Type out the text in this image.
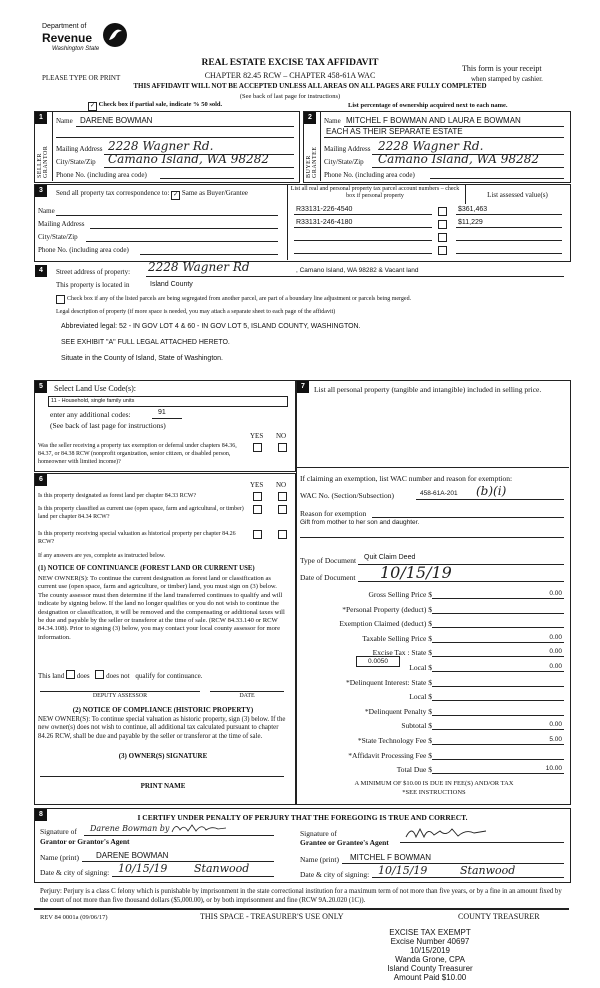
Department of
Revenue
Washington State
PLEASE TYPE OR PRINT
REAL ESTATE EXCISE TAX AFFIDAVIT
CHAPTER 82.45 RCW – CHAPTER 458-61A WAC
THIS AFFIDAVIT WILL NOT BE ACCEPTED UNLESS ALL AREAS ON ALL PAGES ARE FULLY COMPLETED
(See back of last page for instructions)
This form is your receipt
when stamped by cashier.
✓ Check box if partial sale, indicate % 50 sold.	List percentage of ownership acquired next to each name.
1
SELLER GRANTOR
Name DARENE BOWMAN
Mailing Address 2228 Wagner Rd.
City/State/Zip Camano Island, WA 98282
Phone No. (including area code)
2
BUYER GRANTEE
Name MITCHEL F BOWMAN AND LAURA E BOWMAN
EACH AS THEIR SEPARATE ESTATE
Mailing Address 2228 Wagner Rd.
City/State/Zip Camano Island, WA 98282
Phone No. (including area code)
3	Send all property tax correspondence to: ✓ Same as Buyer/Grantee
Name
Mailing Address
City/State/Zip
Phone No. (including area code)
List all real and personal property tax parcel account numbers – check box if personal property	List assessed value(s)
R33131-226-4540	$361,463
R33131-246-4180	$11,229
4	Street address of property: 2228 Wagner Rd	, Camano Island, WA 98282 & Vacant land
This property is located in	Island County
Check box if any of the listed parcels are being segregated from another parcel, are part of a boundary line adjustment or parcels being merged.
Legal description of property (if more space is needed, you may attach a separate sheet to each page of the affidavit)
Abbreviated legal: 52 - IN GOV LOT 4 & 60 - IN GOV LOT 5, ISLAND COUNTY, WASHINGTON.
SEE EXHIBIT "A" FULL LEGAL ATTACHED HERETO.
Situate in the County of Island, State of Washington.
5	Select Land Use Code(s):
11 - Household, single family units
enter any additional codes:	91
(See back of last page for instructions)
YES NO
Was the seller receiving a property tax exemption or deferral under chapters 84.36, 84.37, or 84.38 RCW (nonprofit organization, senior citizen, or disabled person, homeowner with limited income)?
6
YES NO
Is this property designated as forest land per chapter 84.33 RCW?
Is this property classified as current use (open space, farm and agricultural, or timber) land per chapter 84.34 RCW?
Is this property receiving special valuation as historical property per chapter 84.26 RCW?
If any answers are yes, complete as instructed below.
(1) NOTICE OF CONTINUANCE (FOREST LAND OR CURRENT USE)
NEW OWNER(S): To continue the current designation as forest land or classification as current use (open space, farm and agriculture, or timber) land, you must sign on (3) below. The county assessor must then determine if the land transferred continues to qualify and will indicate by signing below. If the land no longer qualifies or you do not wish to continue the designation or classification, it will be removed and the compensating or additional taxes will be due and payable by the seller or transferor at the time of sale. (RCW 84.33.140 or RCW 84.34.108). Prior to signing (3) below, you may contact your local county assessor for more information.
This land does does not qualify for continuance.
DEPUTY ASSESSOR	DATE
(2) NOTICE OF COMPLIANCE (HISTORIC PROPERTY)
NEW OWNER(S): To continue special valuation as historic property, sign (3) below. If the new owner(s) does not wish to continue, all additional tax calculated pursuant to chapter 84.26 RCW, shall be due and payable by the seller or transferor at the time of sale.
(3) OWNER(S) SIGNATURE
PRINT NAME
7	List all personal property (tangible and intangible) included in selling price.
If claiming an exemption, list WAC number and reason for exemption:
WAC No. (Section/Subsection)	458-61A-201 (b)(i)
Reason for exemption
Gift from mother to her son and daughter.
Type of Document Quit Claim Deed
Date of Document 10/15/19
Gross Selling Price $	0.00
*Personal Property (deduct) $
Exemption Claimed (deduct) $
Taxable Selling Price $	0.00
Excise Tax : State $	0.00
Local $	0.00
*Delinquent Interest: State $
Local $
*Delinquent Penalty $
Subtotal $	0.00
*State Technology Fee $	5.00
*Affidavit Processing Fee $
Total Due $	10.00
0.0050
A MINIMUM OF $10.00 IS DUE IN FEE(S) AND/OR TAX
*SEE INSTRUCTIONS
8	I CERTIFY UNDER PENALTY OF PERJURY THAT THE FOREGOING IS TRUE AND CORRECT.
Signature of Darene Bowman by
Grantor or Grantor's Agent
Name (print) DARENE BOWMAN
Date & city of signing: 10/15/19 Stanwood
Signature of
Grantee or Grantee's Agent
Name (print) MITCHEL F BOWMAN
Date & city of signing: 10/15/19	Stanwood
Perjury: Perjury is a class C felony which is punishable by imprisonment in the state correctional institution for a maximum term of not more than five years, or by a fine in an amount fixed by the court of not more than five thousand dollars ($5,000.00), or by both imprisonment and fine (RCW 9A.20.020 (1C)).
REV 84 0001a (09/06/17)	THIS SPACE - TREASURER'S USE ONLY	COUNTY TREASURER
EXCISE TAX EXEMPT
Excise Number 40697
10/15/2019
Wanda Grone, CPA
Island County Treasurer
Amount Paid $10.00
